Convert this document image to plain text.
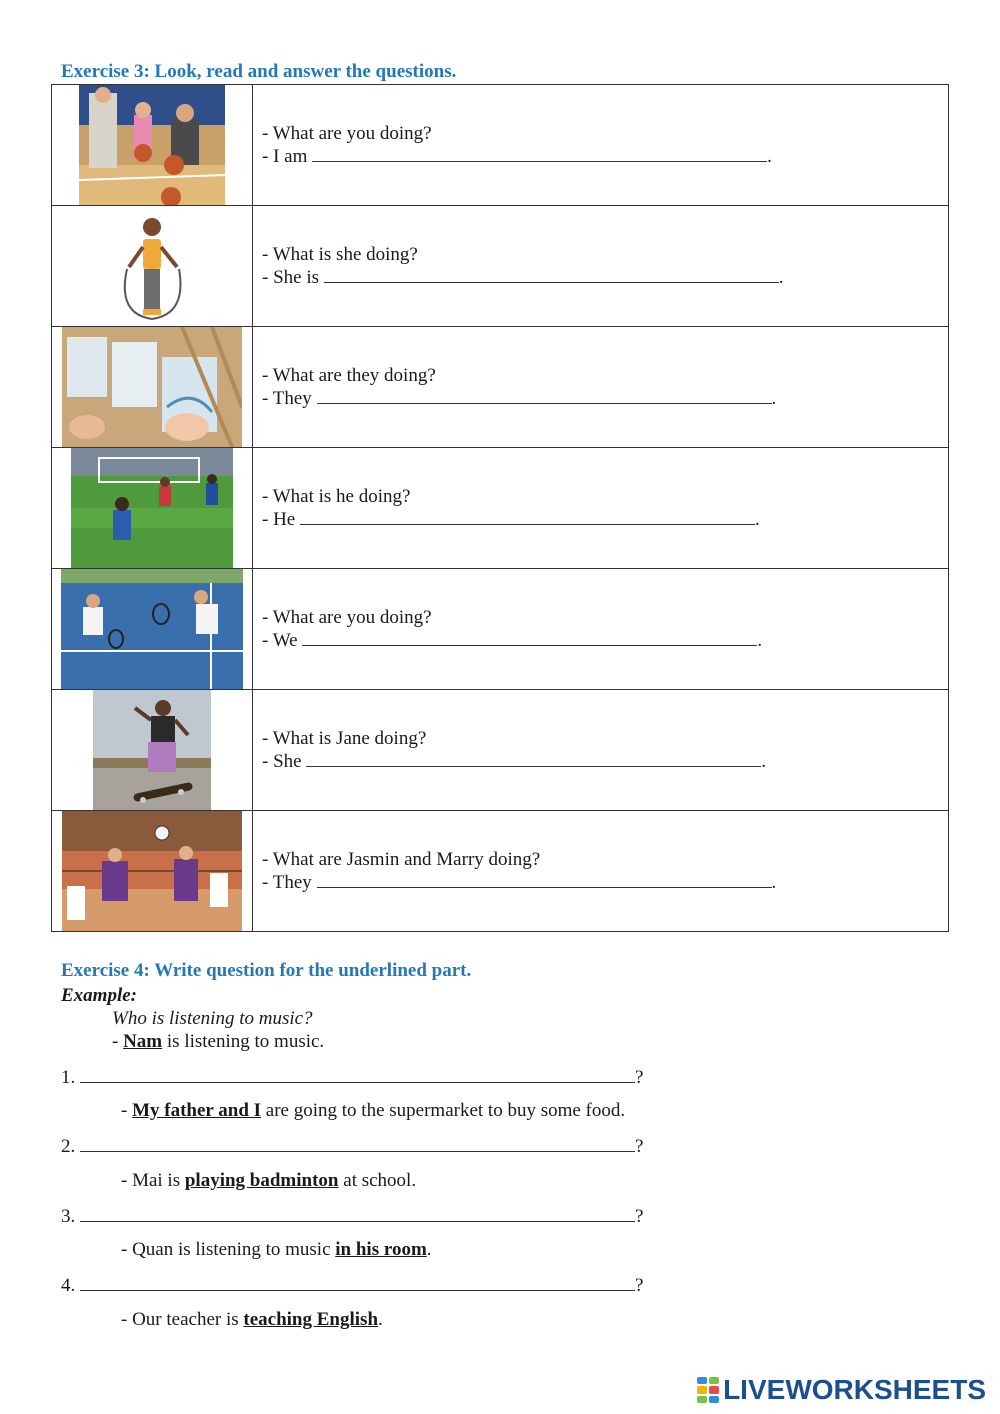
Exercise 3: Look, read and answer the questions.

- What are you doing?
- I am .

- What is she doing?
- She is .

- What are they doing?
- They .

- What is he doing?
- He .

- What are you doing?
- We .

- What is Jane doing?
- She .

- What are Jasmin and Marry doing?
- They .
Exercise 4: Write question for the underlined part.
Example:
Who is listening to music?
- Nam is listening to music.
1.	?
- My father and I are going to the supermarket to buy some food.
2.	?
- Mai is playing badminton at school.
3.	?
- Quan is listening to music in his room.
4.	?
- Our teacher is teaching English.
LIVEWORKSHEETS
